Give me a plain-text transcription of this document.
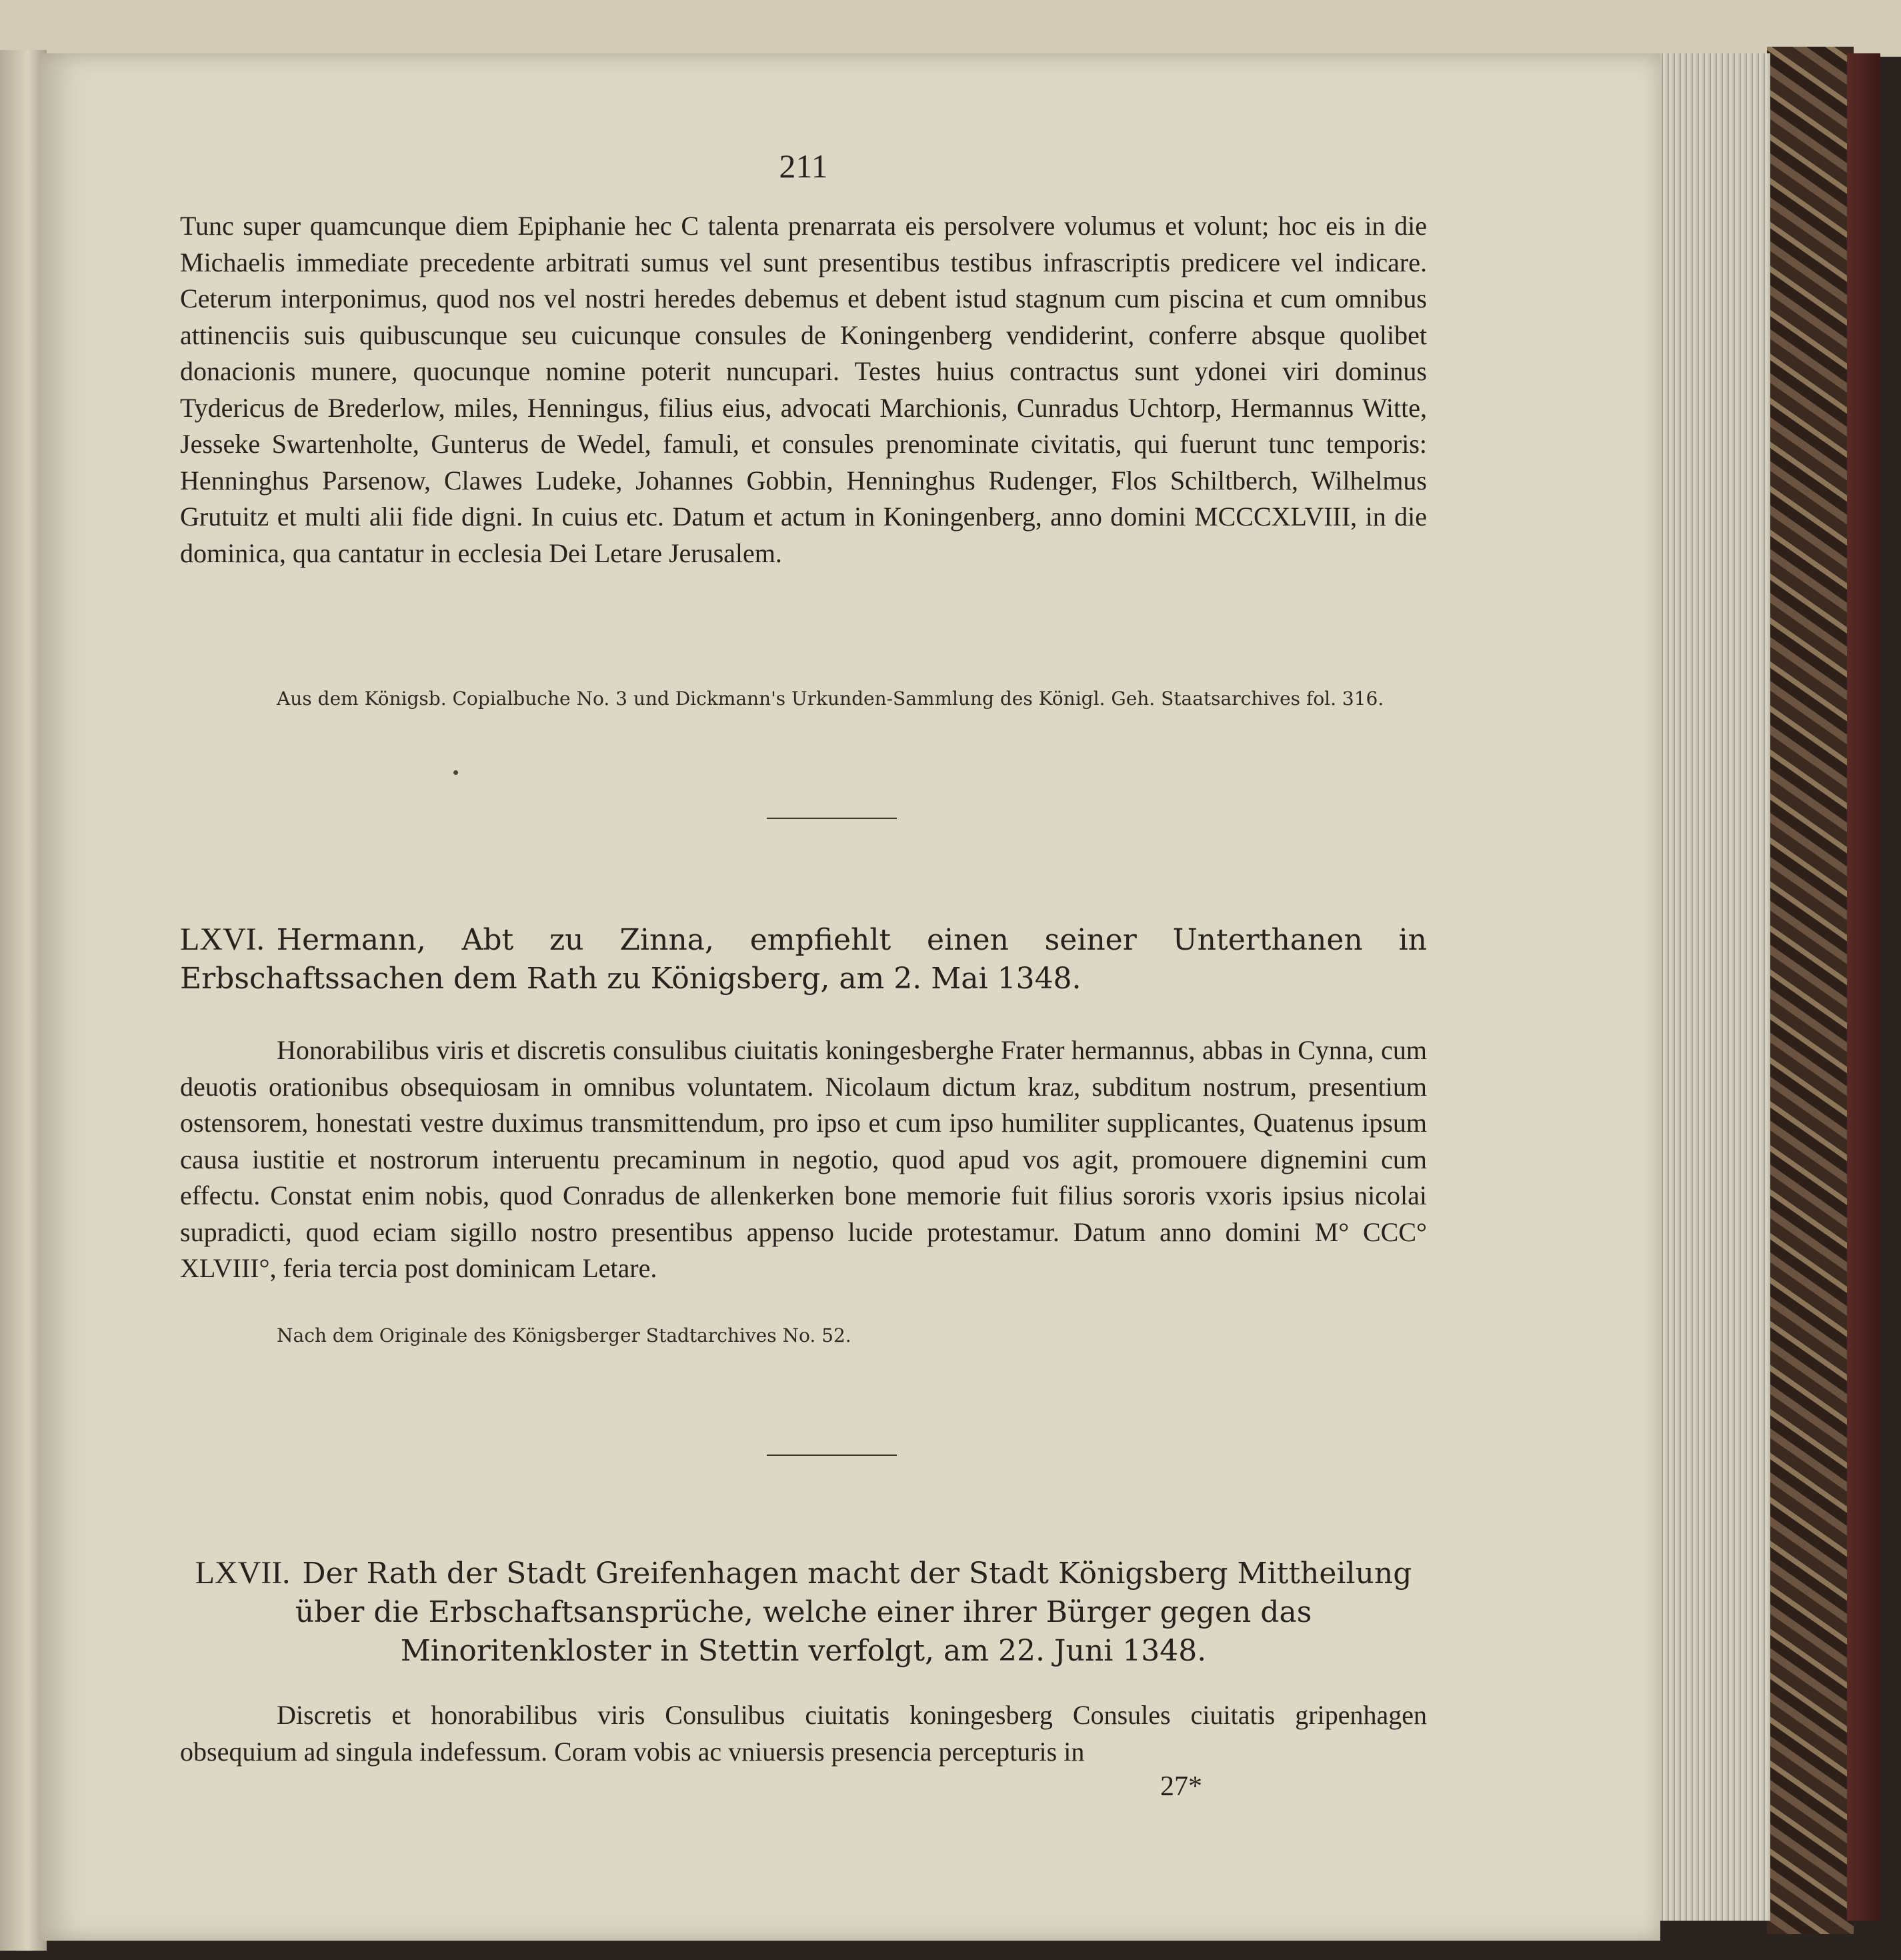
211

Tunc super quamcunque diem Epiphanie hec C talenta prenarrata eis persolvere volumus et volunt; hoc eis in die Michaelis immediate precedente arbitrati sumus vel sunt presentibus testibus infrascriptis predicere vel indicare. Ceterum interponimus, quod nos vel nostri heredes debemus et debent istud stagnum cum piscina et cum omnibus attinenciis suis quibuscunque seu cuicunque consules de Koningenberg vendiderint, conferre absque quolibet donacionis munere, quocunque nomine poterit nuncupari. Testes huius contractus sunt ydonei viri dominus Tydericus de Brederlow, miles, Henningus, filius eius, advocati Marchionis, Cunradus Uchtorp, Hermannus Witte, Jesseke Swartenholte, Gunterus de Wedel, famuli, et consules prenominate civitatis, qui fuerunt tunc temporis: Henninghus Parsenow, Clawes Ludeke, Johannes Gobbin, Henninghus Rudenger, Flos Schiltberch, Wilhelmus Grutuitz et multi alii fide digni. In cuius etc. Datum et actum in Koningenberg, anno domini MCCCXLVIII, in die dominica, qua cantatur in ecclesia Dei Letare Jerusalem.

Aus dem Königsb. Copialbuche No. 3 und Dickmann's Urkunden-Sammlung des Königl. Geh. Staatsarchives fol. 316.
LXVI. Hermann, Abt zu Zinna, empfiehlt einen seiner Unterthanen in Erbschaftssachen dem Rath zu Königsberg, am 2. Mai 1348.

Honorabilibus viris et discretis consulibus ciuitatis koningesberghe Frater hermannus, abbas in Cynna, cum deuotis orationibus obsequiosam in omnibus voluntatem. Nicolaum dictum kraz, subditum nostrum, presentium ostensorem, honestati vestre duximus transmittendum, pro ipso et cum ipso humiliter supplicantes, Quatenus ipsum causa iustitie et nostrorum interuentu precaminum in negotio, quod apud vos agit, promouere dignemini cum effectu. Constat enim nobis, quod Conradus de allenkerken bone memorie fuit filius sororis vxoris ipsius nicolai supradicti, quod eciam sigillo nostro presentibus appenso lucide protestamur. Datum anno domini M° CCC° XLVIII°, feria tercia post dominicam Letare.

Nach dem Originale des Königsberger Stadtarchives No. 52.
LXVII. Der Rath der Stadt Greifenhagen macht der Stadt Königsberg Mittheilung über die Erbschaftsansprüche, welche einer ihrer Bürger gegen das Minoritenkloster in Stettin verfolgt, am 22. Juni 1348.

Discretis et honorabilibus viris Consulibus ciuitatis koningesberg Consules ciuitatis gripenhagen obsequium ad singula indefessum. Coram vobis ac vniuersis presencia percepturis in

27*
